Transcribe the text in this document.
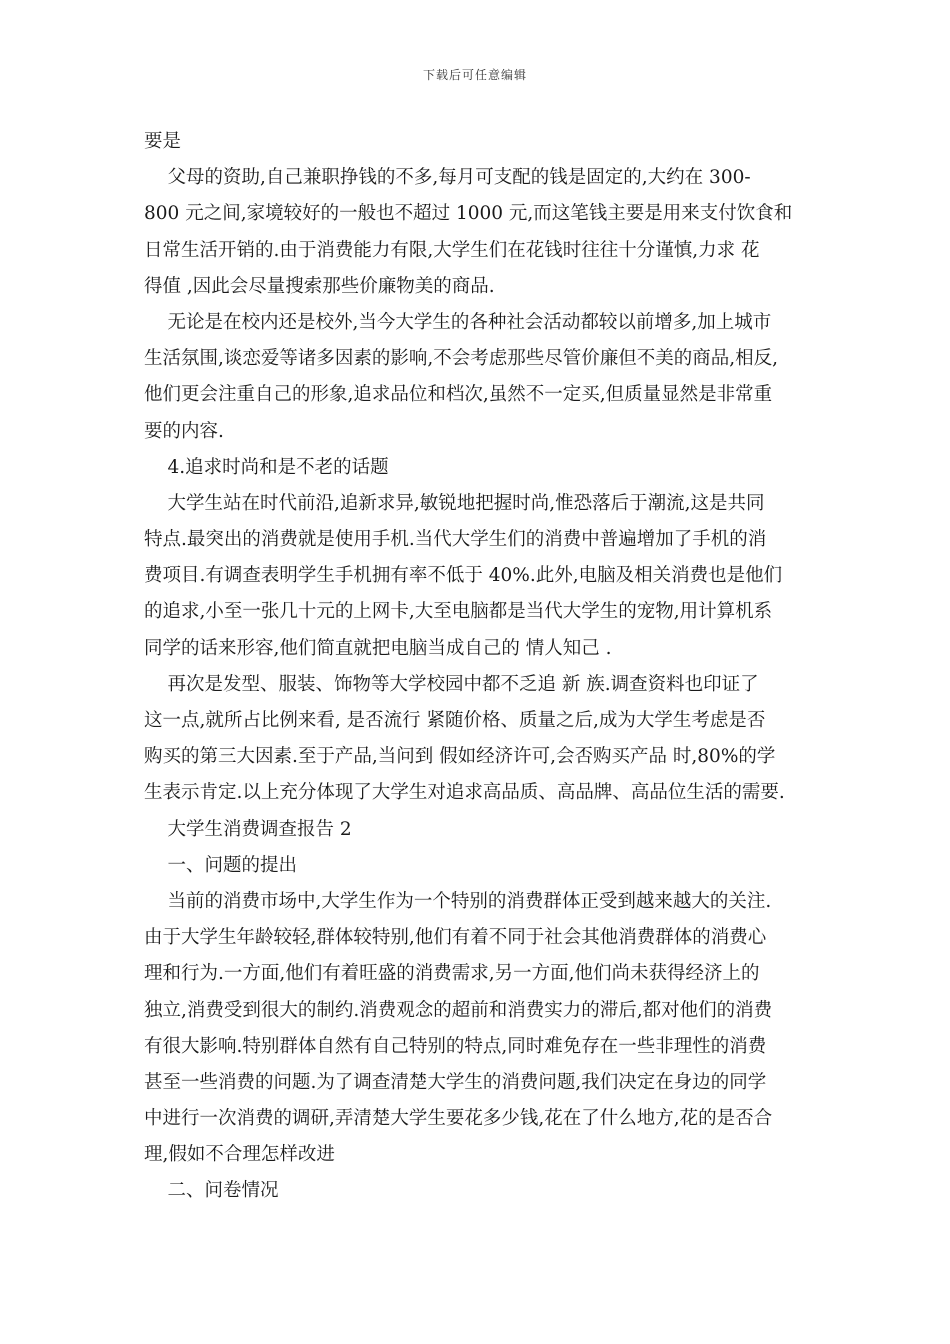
下载后可任意编辑
要是
父母的资助,自己兼职挣钱的不多,每月可支配的钱是固定的,大约在 300-
800 元之间,家境较好的一般也不超过 1000 元,而这笔钱主要是用来支付饮食和
日常生活开销的.由于消费能力有限,大学生们在花钱时往往十分谨慎,力求 花
得值 ,因此会尽量搜索那些价廉物美的商品.
无论是在校内还是校外,当今大学生的各种社会活动都较以前增多,加上城市
生活氛围,谈恋爱等诸多因素的影响,不会考虑那些尽管价廉但不美的商品,相反,
他们更会注重自己的形象,追求品位和档次,虽然不一定买,但质量显然是非常重
要的内容.
4.追求时尚和是不老的话题
大学生站在时代前沿,追新求异,敏锐地把握时尚,惟恐落后于潮流,这是共同
特点.最突出的消费就是使用手机.当代大学生们的消费中普遍增加了手机的消
费项目.有调查表明学生手机拥有率不低于 40%.此外,电脑及相关消费也是他们
的追求,小至一张几十元的上网卡,大至电脑都是当代大学生的宠物,用计算机系
同学的话来形容,他们简直就把电脑当成自己的 情人知己 .
再次是发型、服装、饰物等大学校园中都不乏追 新 族.调查资料也印证了
这一点,就所占比例来看, 是否流行 紧随价格、质量之后,成为大学生考虑是否
购买的第三大因素.至于产品,当问到 假如经济许可,会否购买产品 时,80%的学
生表示肯定.以上充分体现了大学生对追求高品质、高品牌、高品位生活的需要.
大学生消费调查报告 2
一、问题的提出
当前的消费市场中,大学生作为一个特别的消费群体正受到越来越大的关注.
由于大学生年龄较轻,群体较特别,他们有着不同于社会其他消费群体的消费心
理和行为.一方面,他们有着旺盛的消费需求,另一方面,他们尚未获得经济上的
独立,消费受到很大的制约.消费观念的超前和消费实力的滞后,都对他们的消费
有很大影响.特别群体自然有自己特别的特点,同时难免存在一些非理性的消费
甚至一些消费的问题.为了调查清楚大学生的消费问题,我们决定在身边的同学
中进行一次消费的调研,弄清楚大学生要花多少钱,花在了什么地方,花的是否合
理,假如不合理怎样改进
二、问卷情况
